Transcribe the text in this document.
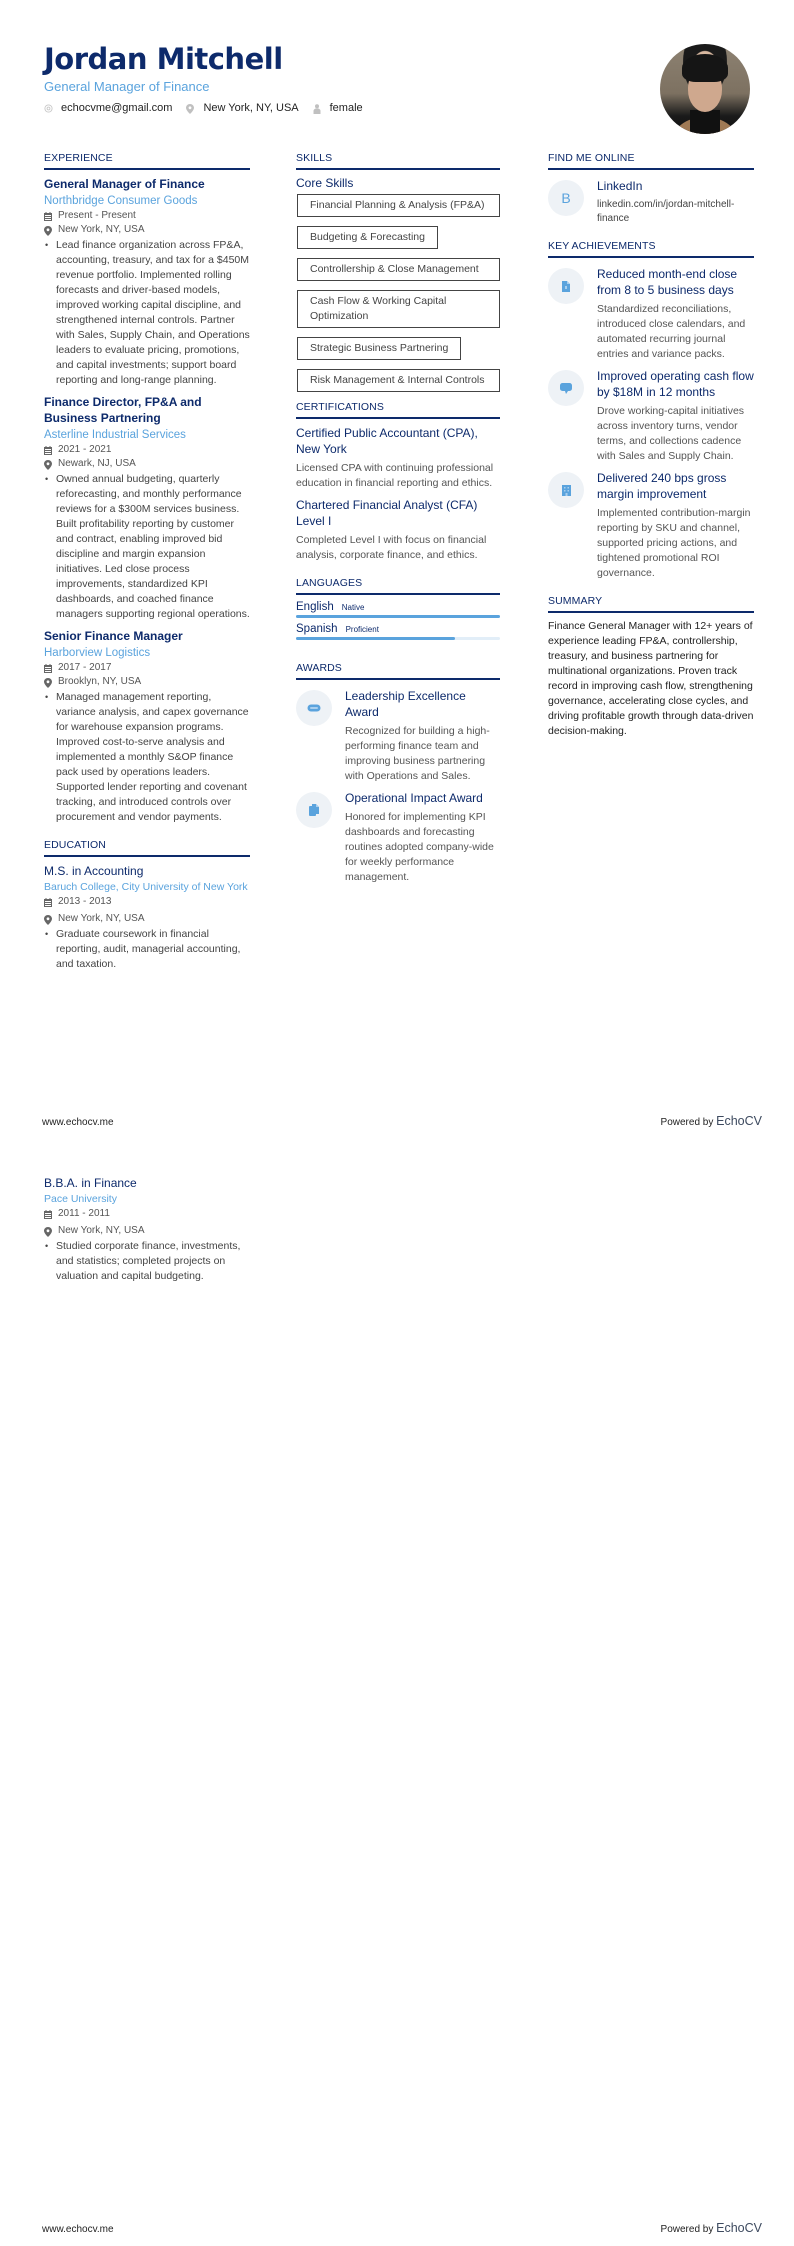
Jordan Mitchell
General Manager of Finance
echocvme@gmail.com	New York, NY, USA	female
EXPERIENCE
General Manager of Finance
Northbridge Consumer Goods
Present - Present
New York, NY, USA
• Lead finance organization across FP&A, accounting, treasury, and tax for a $450M revenue portfolio. Implemented rolling forecasts and driver-based models, improved working capital discipline, and strengthened internal controls. Partner with Sales, Supply Chain, and Operations leaders to evaluate pricing, promotions, and capital investments; support board reporting and long-range planning.
Finance Director, FP&A and Business Partnering
Asterline Industrial Services
2021 - 2021
Newark, NJ, USA
• Owned annual budgeting, quarterly reforecasting, and monthly performance reviews for a $300M services business. Built profitability reporting by customer and contract, enabling improved bid discipline and margin expansion initiatives. Led close process improvements, standardized KPI dashboards, and coached finance managers supporting regional operations.
Senior Finance Manager
Harborview Logistics
2017 - 2017
Brooklyn, NY, USA
• Managed management reporting, variance analysis, and capex governance for warehouse expansion programs. Improved cost-to-serve analysis and implemented a monthly S&OP finance pack used by operations leaders. Supported lender reporting and covenant tracking, and introduced controls over procurement and vendor payments.
EDUCATION
M.S. in Accounting
Baruch College, City University of New York
2013 - 2013
New York, NY, USA
• Graduate coursework in financial reporting, audit, managerial accounting, and taxation.
SKILLS
Core Skills
Financial Planning & Analysis (FP&A)
Budgeting & Forecasting
Controllership & Close Management
Cash Flow & Working Capital Optimization
Strategic Business Partnering
Risk Management & Internal Controls
CERTIFICATIONS
Certified Public Accountant (CPA), New York
Licensed CPA with continuing professional education in financial reporting and ethics.
Chartered Financial Analyst (CFA) Level I
Completed Level I with focus on financial analysis, corporate finance, and ethics.
LANGUAGES
English Native
Spanish Proficient
AWARDS
Leadership Excellence Award
Recognized for building a high-performing finance team and improving business partnering with Operations and Sales.
Operational Impact Award
Honored for implementing KPI dashboards and forecasting routines adopted company-wide for weekly performance management.
FIND ME ONLINE
B
LinkedIn
linkedin.com/in/jordan-mitchell-finance
KEY ACHIEVEMENTS
Reduced month-end close from 8 to 5 business days
Standardized reconciliations, introduced close calendars, and automated recurring journal entries and variance packs.
Improved operating cash flow by $18M in 12 months
Drove working-capital initiatives across inventory turns, vendor terms, and collections cadence with Sales and Supply Chain.
Delivered 240 bps gross margin improvement
Implemented contribution-margin reporting by SKU and channel, supported pricing actions, and tightened promotional ROI governance.
SUMMARY
Finance General Manager with 12+ years of experience leading FP&A, controllership, treasury, and business partnering for multinational organizations. Proven track record in improving cash flow, strengthening governance, accelerating close cycles, and driving profitable growth through data-driven decision-making.
www.echocv.me	Powered by EchoCV
B.B.A. in Finance
Pace University
2011 - 2011
New York, NY, USA
• Studied corporate finance, investments, and statistics; completed projects on valuation and capital budgeting.
www.echocv.me	Powered by EchoCV
